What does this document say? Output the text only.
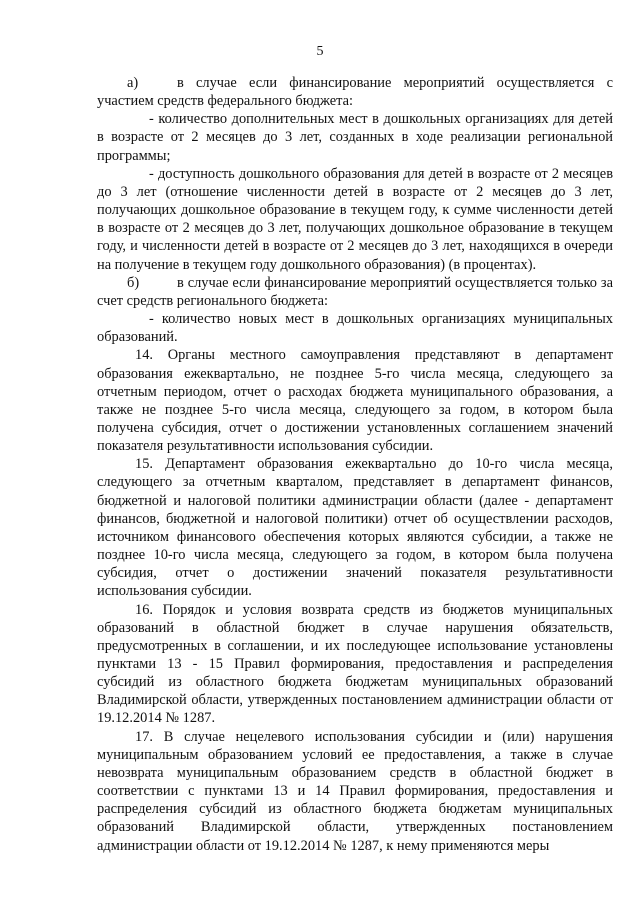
5

а)	в случае если финансирование мероприятий осуществляется с участием средств федерального бюджета:

- количество дополнительных мест в дошкольных организациях для детей в возрасте от 2 месяцев до 3 лет, созданных в ходе реализации региональной программы;

- доступность дошкольного образования для детей в возрасте от 2 месяцев до 3 лет (отношение численности детей в возрасте от 2 месяцев до 3 лет, получающих дошкольное образование в текущем году, к сумме численности детей в возрасте от 2 месяцев до 3 лет, получающих дошкольное образование в текущем году, и численности детей в возрасте от 2 месяцев до 3 лет, находящихся в очереди на получение в текущем году дошкольного образования) (в процентах).

б)	в случае если финансирование мероприятий осуществляется только за счет средств регионального бюджета:

- количество новых мест в дошкольных организациях муниципальных образований.

14. Органы местного самоуправления представляют в департамент образования ежеквартально, не позднее 5-го числа месяца, следующего за отчетным периодом, отчет о расходах бюджета муниципального образования, а также не позднее 5-го числа месяца, следующего за годом, в котором была получена субсидия, отчет о достижении установленных соглашением значений показателя результативности использования субсидии.

15. Департамент образования ежеквартально до 10-го числа месяца, следующего за отчетным кварталом, представляет в департамент финансов, бюджетной и налоговой политики администрации области (далее - департамент финансов, бюджетной и налоговой политики) отчет об осуществлении расходов, источником финансового обеспечения которых являются субсидии, а также не позднее 10-го числа месяца, следующего за годом, в котором была получена субсидия, отчет о достижении значений показателя результативности использования субсидии.

16. Порядок и условия возврата средств из бюджетов муниципальных образований в областной бюджет в случае нарушения обязательств, предусмотренных в соглашении, и их последующее использование установлены пунктами 13 - 15 Правил формирования, предоставления и распределения субсидий из областного бюджета бюджетам муниципальных образований Владимирской области, утвержденных постановлением администрации области от 19.12.2014 № 1287.

17. В случае нецелевого использования субсидии и (или) нарушения муниципальным образованием условий ее предоставления, а также в случае невозврата муниципальным образованием средств в областной бюджет в соответствии с пунктами 13 и 14 Правил формирования, предоставления и распределения субсидий из областного бюджета бюджетам муниципальных образований Владимирской области, утвержденных постановлением администрации области от 19.12.2014 № 1287, к нему применяются меры
